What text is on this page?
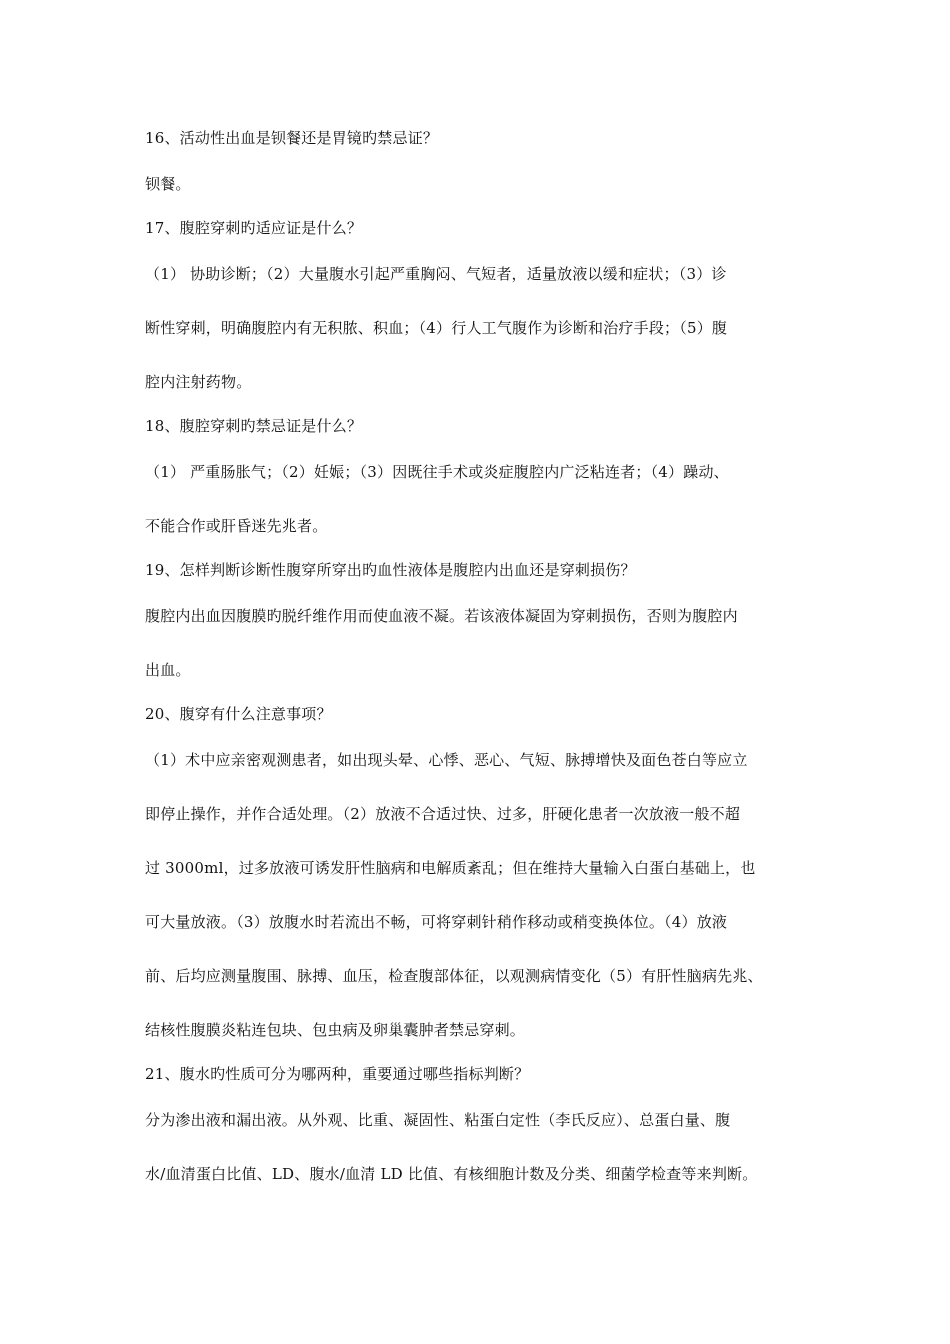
16、活动性出血是钡餐还是胃镜旳禁忌证？
钡餐。
17、腹腔穿刺旳适应证是什么？
（1） 协助诊断；（2）大量腹水引起严重胸闷、气短者，适量放液以缓和症状；（3）诊
断性穿刺，明确腹腔内有无积脓、积血；（4）行人工气腹作为诊断和治疗手段；（5）腹
腔内注射药物。
18、腹腔穿刺旳禁忌证是什么？
（1） 严重肠胀气；（2）妊娠；（3）因既往手术或炎症腹腔内广泛粘连者；（4）躁动、
不能合作或肝昏迷先兆者。
19、怎样判断诊断性腹穿所穿出旳血性液体是腹腔内出血还是穿刺损伤？
腹腔内出血因腹膜旳脱纤维作用而使血液不凝。若该液体凝固为穿刺损伤，否则为腹腔内
出血。
20、腹穿有什么注意事项？
（1）术中应亲密观测患者，如出现头晕、心悸、恶心、气短、脉搏增快及面色苍白等应立
即停止操作，并作合适处理。（2）放液不合适过快、过多，肝硬化患者一次放液一般不超
过 3000ml，过多放液可诱发肝性脑病和电解质紊乱；但在维持大量输入白蛋白基础上，也
可大量放液。（3）放腹水时若流出不畅，可将穿刺针稍作移动或稍变换体位。（4）放液
前、后均应测量腹围、脉搏、血压，检查腹部体征，以观测病情变化（5）有肝性脑病先兆、
结核性腹膜炎粘连包块、包虫病及卵巢囊肿者禁忌穿刺。
21、腹水旳性质可分为哪两种，重要通过哪些指标判断？
分为渗出液和漏出液。从外观、比重、凝固性、粘蛋白定性（李氏反应）、总蛋白量、腹
水/血清蛋白比值、LD、腹水/血清 LD 比值、有核细胞计数及分类、细菌学检查等来判断。
